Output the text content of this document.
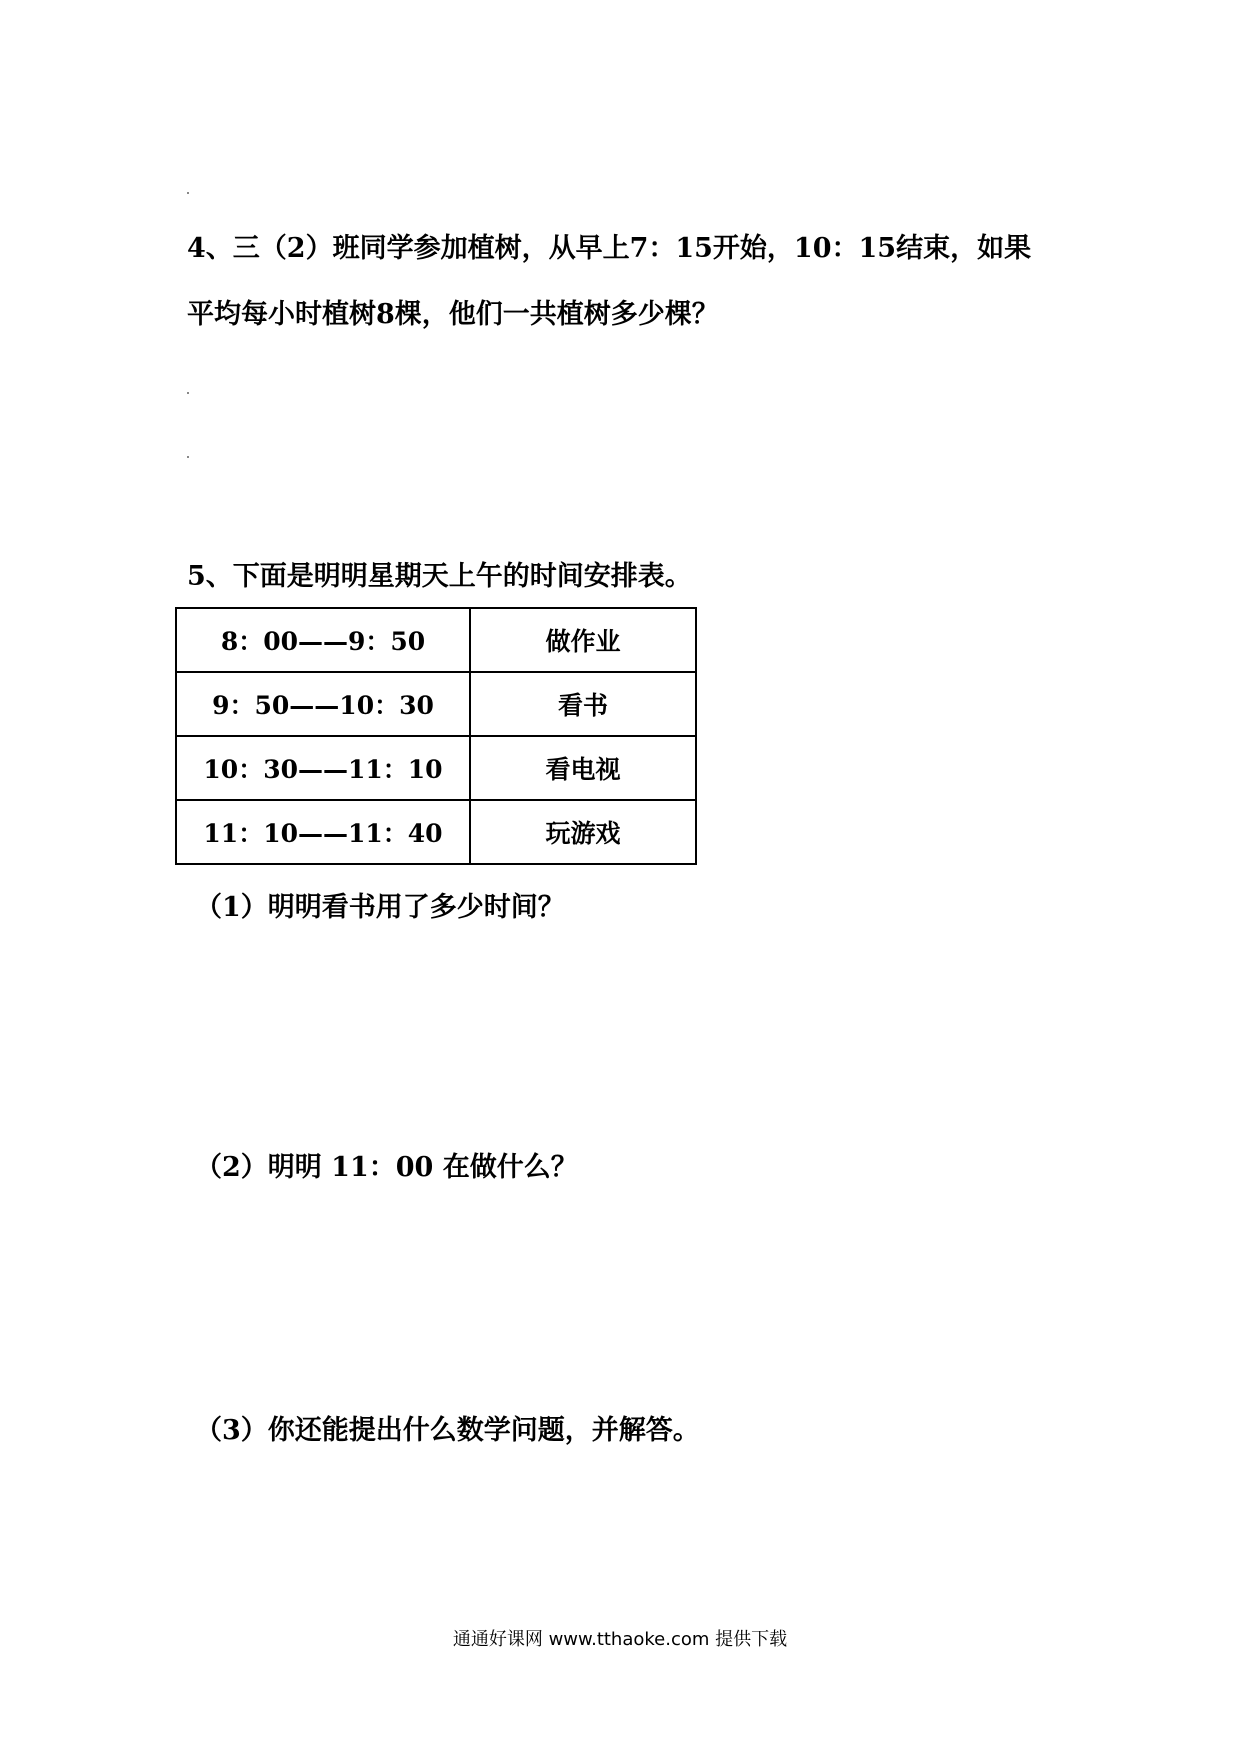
4、三（2）班同学参加植树，从早上7：15开始，10：15结束，如果
平均每小时植树8棵，他们一共植树多少棵？
5、下面是明明星期天上午的时间安排表。
8：00——9：50	做作业
9：50——10：30	看书
10：30——11：10	看电视
11：10——11：40	玩游戏
（1）明明看书用了多少时间？
（2）明明 11：00 在做什么？
（3）你还能提出什么数学问题，并解答。
通通好课网 www.tthaoke.com 提供下载
